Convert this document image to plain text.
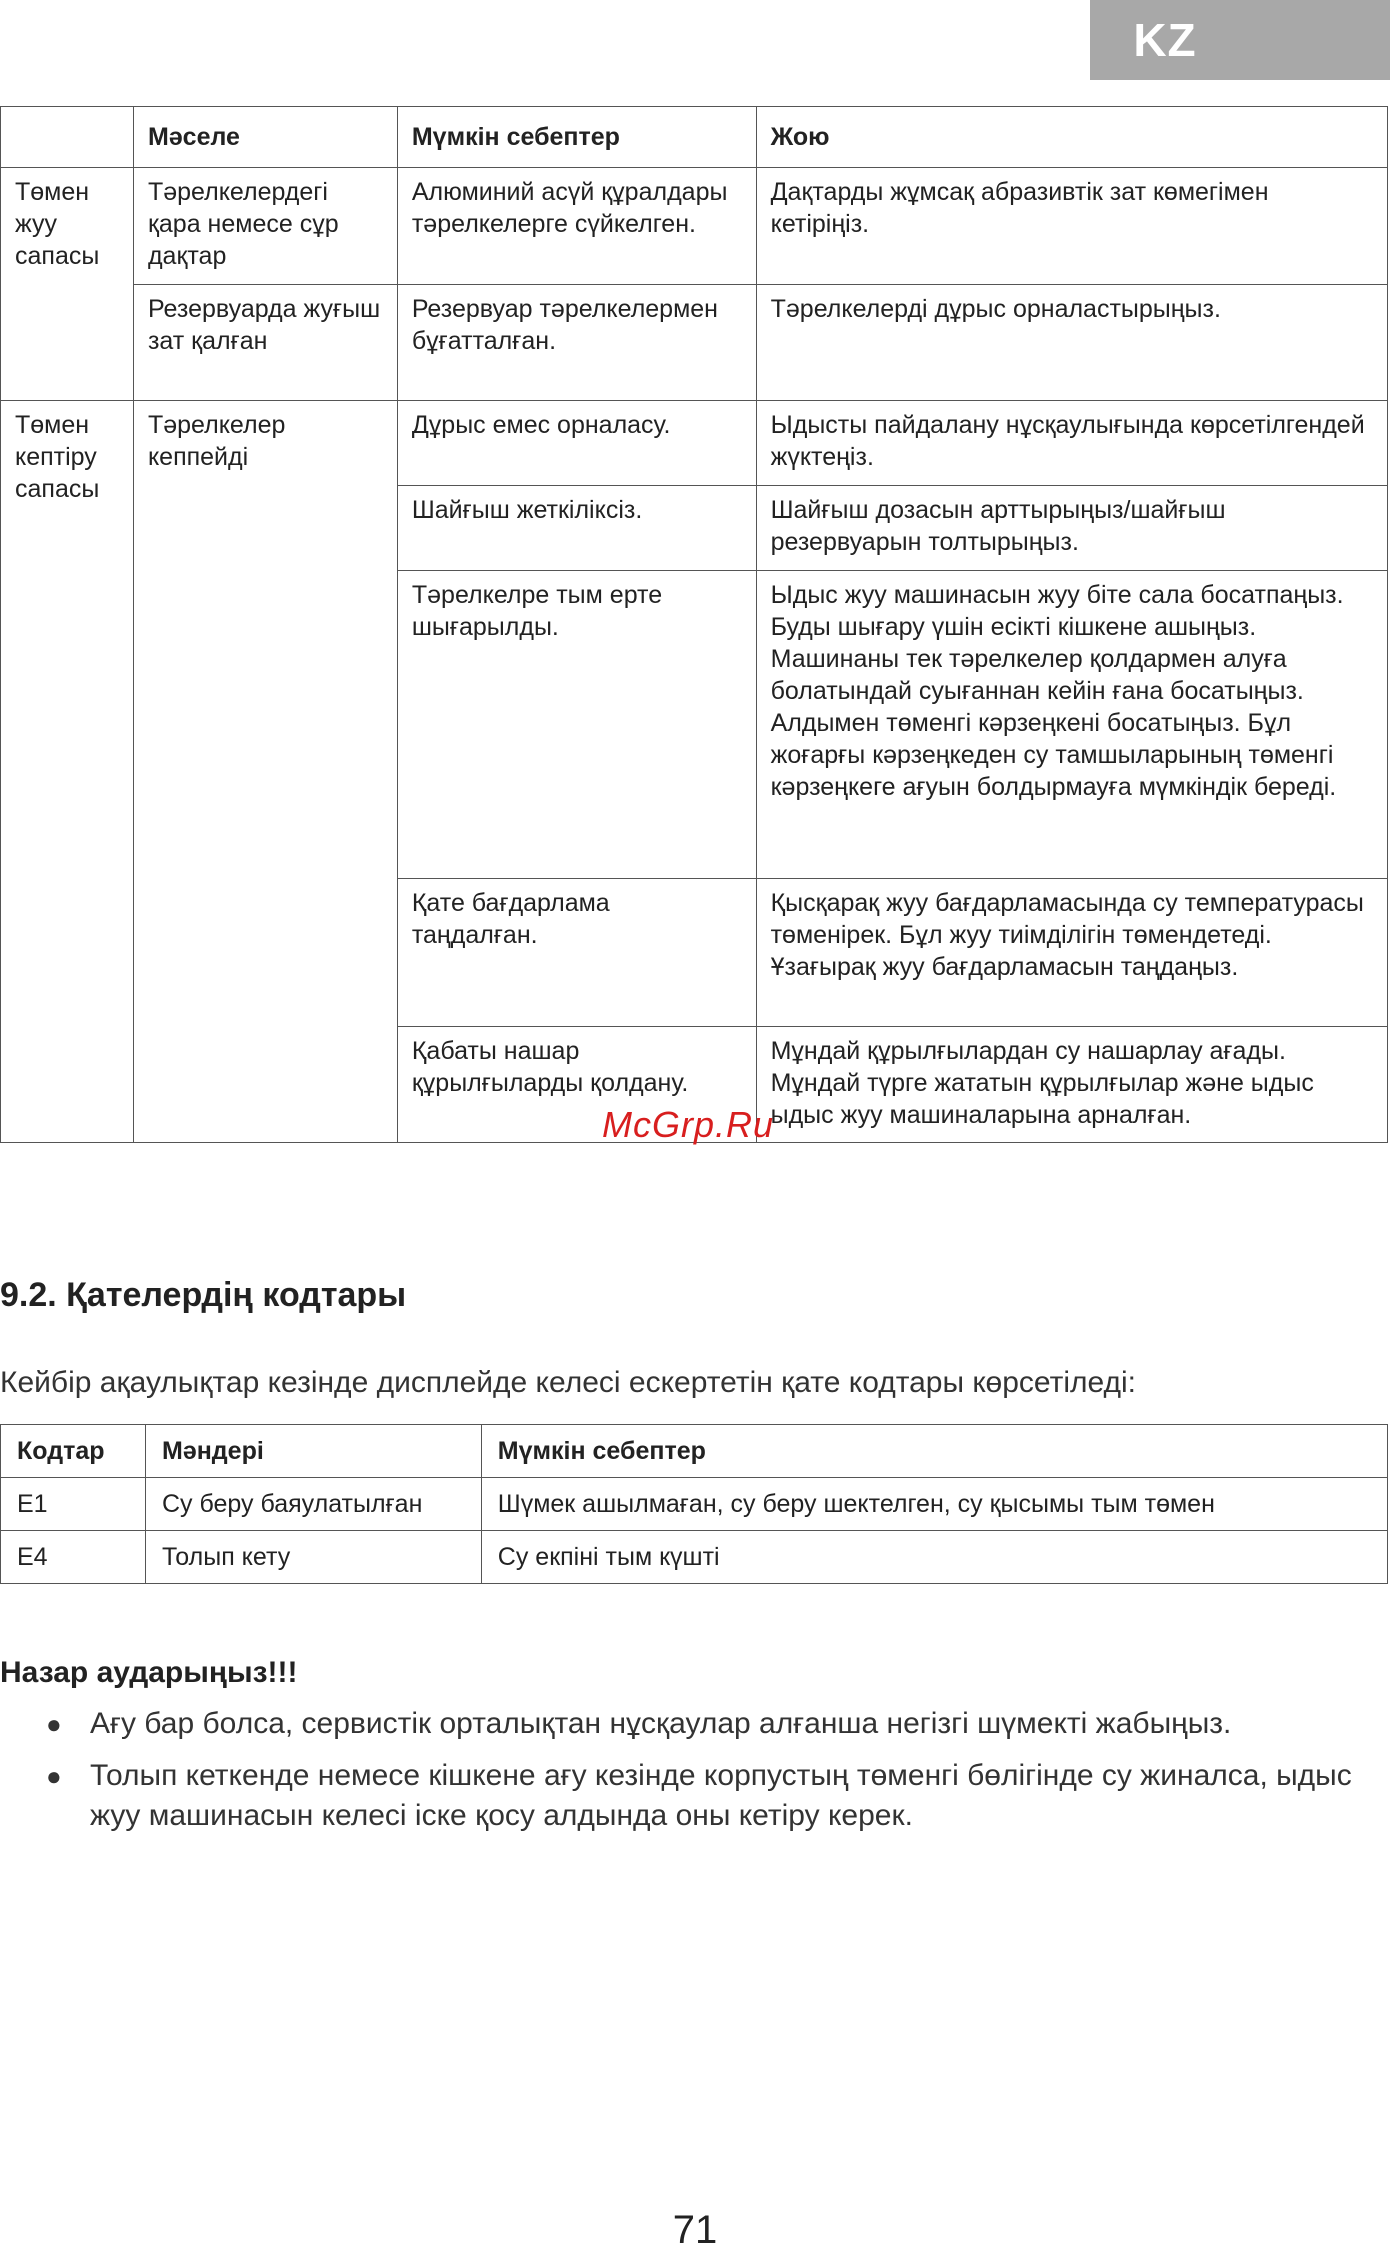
KZ
	Мәселе	Мүмкін себептер	Жою
Төмен жуу сапасы	Тәрелкелердегі қара немесе сұр дақтар	Алюминий асүй құралдары тәрелкелерге сүйкелген.	Дақтарды жұмсақ абразивтік зат көмегімен кетіріңіз.
	Резервуарда жуғыш зат қалған	Резервуар тәрелкелермен бұғатталған.	Тәрелкелерді дұрыс орналастырыңыз.
Төмен кептіру сапасы	Тәрелкелер кеппейді	Дұрыс емес орналасу.	Ыдысты пайдалану нұсқаулығында көрсетілгендей жүктеңіз.
		Шайғыш жеткіліксіз.	Шайғыш дозасын арттырыңыз/шайғыш резервуарын толтырыңыз.
		Тәрелкелре тым ерте шығарылды.	Ыдыс жуу машинасын жуу біте сала босатпаңыз. Буды шығару үшін есікті кішкене ашыңыз. Машинаны тек тәрелкелер қолдармен алуға болатындай суығаннан кейін ғана босатыңыз. Алдымен төменгі кәрзеңкені босатыңыз. Бұл жоғарғы кәрзеңкеден су тамшыларының төменгі кәрзеңкеге ағуын болдырмауға мүмкіндік береді.
		Қате бағдарлама таңдалған.	Қысқарақ жуу бағдарламасында су температурасы төменірек. Бұл жуу тиімділігін төмендетеді. Ұзағырақ жуу бағдарламасын таңдаңыз.
		Қабаты нашар құрылғыларды қолдану.	Мұндай құрылғылардан су нашарлау ағады. Мұндай түрге жататын құрылғылар және ыдыс ыдыс жуу машиналарына арналған.
McGrp.Ru
9.2. Қателердің кодтары

Кейбір ақаулықтар кезінде дисплейде келесі ескертетін қате кодтары көрсетіледі:

Кодтар	Мәндері	Мүмкін себептер
E1	Су беру баяулатылған	Шүмек ашылмаған, су беру шектелген, су қысымы тым төмен
E4	Толып кету	Су екпіні тым күшті

Назар аударыңыз!!!

● Ағу бар болса, сервистік орталықтан нұсқаулар алғанша негізгі шүмекті жабыңыз.
● Толып кеткенде немесе кішкене ағу кезінде корпустың төменгі бөлігінде су жиналса, ыдыс жуу машинасын келесі іске қосу алдында оны кетіру керек.
71
